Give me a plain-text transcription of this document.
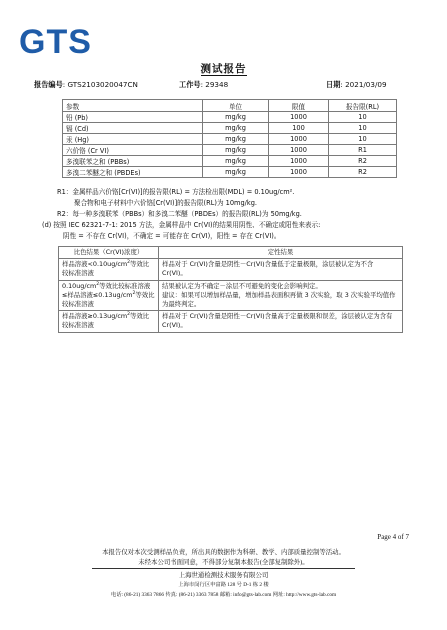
GTS
测试报告
报告编号: GTS2103020047CN	工作号: 29348	日期: 2021/03/09
参数	单位	限值	报告限(RL)
铅 (Pb)	mg/kg	1000	10
镉 (Cd)	mg/kg	100	10
汞 (Hg)	mg/kg	1000	10
六价铬 (Cr VI)	mg/kg	1000	R1
多溴联苯之和 (PBBs)	mg/kg	1000	R2
多溴二苯醚之和 (PBDEs)	mg/kg	1000	R2
R1：金属样品六价铬[Cr(VI)]的报告限(RL) = 方法检出限(MDL) = 0.10ug/cm².
聚合物和电子材料中六价铬[Cr(VI)]的报告限(RL)为 10mg/kg.
R2：每一种多溴联苯（PBBs）和多溴二苯醚（PBDEs）的报告限(RL)为 50mg/kg.
(d) 按照 IEC 62321-7-1: 2015 方法，金属样品中 Cr(VI)的结果用阴性、不确定或阳性来表示:
阴性 = 不存在 Cr(VI)，不确定 = 可能存在 Cr(VI)，阳性 = 存在 Cr(VI)。
比色结果（Cr(VI)浓度）	定性结果
样品溶液$<0.10ug/cm^2$等效比较标准溶液	样品对于 Cr(VI)含量是阴性－Cr(VI)含量低于定量极限，涂层被认定为不含 Cr(VI)。
$0.10ug/cm^2$等效比较标准溶液≤样品溶液$\le 0.13ug/cm^2$等效比较标准溶液	结果被认定为不确定－涂层不可避免的变化会影响判定。
建议：如果可以增加样品量，增加样品表面积再做 3 次实验，取 3 次实验平均值作为最终判定。
样品溶液$\ge 0.13ug/cm^2$等效比较标准溶液	样品对于 Cr(VI)含量是阳性－Cr(VI)含量高于定量极限和误差，涂层被认定为含有 Cr(VI)。
Page 4 of 7
本报告仅对本次受测样品负责，所出具的数据作为科研、教学、内部质量控制等活动。
未经本公司书面同意，不得部分复制本报告(全部复制除外)。
上海世通检测技术服务有限公司
上海市闵行区申富路 128 号 D-1 栋 2 楼
电话: (86-21) 3363 7866 传真: (86-21) 3363 7858 邮箱: info@gts-lab.com 网址: http://www.gts-lab.com
